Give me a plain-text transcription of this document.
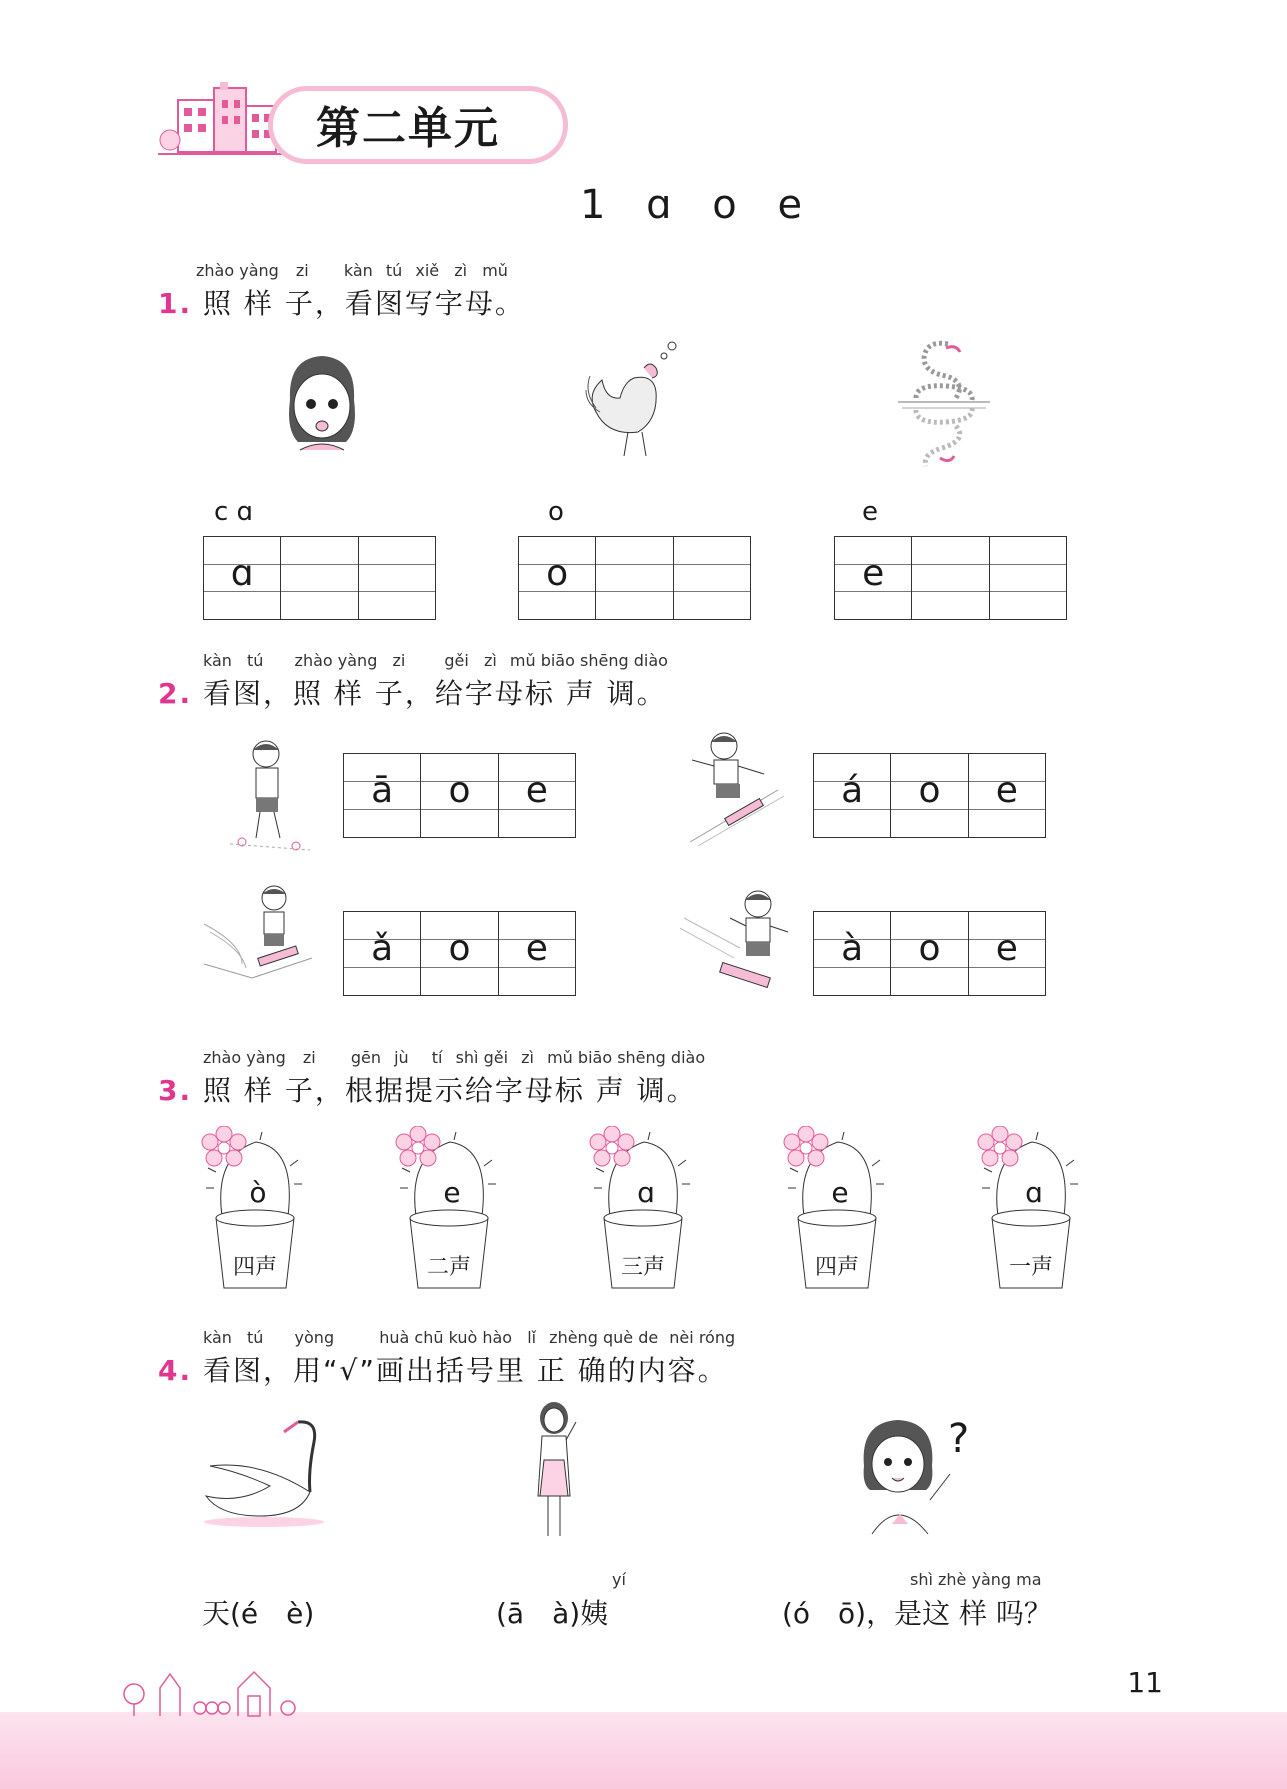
第二单元
1 ɑ o e
zhào yàng zi kàn tú xiě zì mǔ
1. 照 样 子，看图写字母。
c ɑ	o	e
ɑ	o	e
kàn tú zhào yàng zi gěi zì mǔ biāo shēng diào
2. 看图，照 样 子，给字母标 声 调。
ā	o	e	á	o	e
ǎ	o	e	à	o	e
zhào yàng zi gēn jù tí shì gěi zì mǔ biāo shēng diào
3. 照 样 子，根据提示给字母标 声 调。
ò
四声
e
二声
ɑ
三声
e
四声
ɑ
一声
kàn tú yòng	huà chū kuò hào lǐ zhèng què de nèi róng
4. 看图，用“√”画出括号里 正 确的内容。
?
yí	shì zhè yàng ma
天(é　è)	(ā　à)姨	(ó　ō)，是这 样 吗？
11
